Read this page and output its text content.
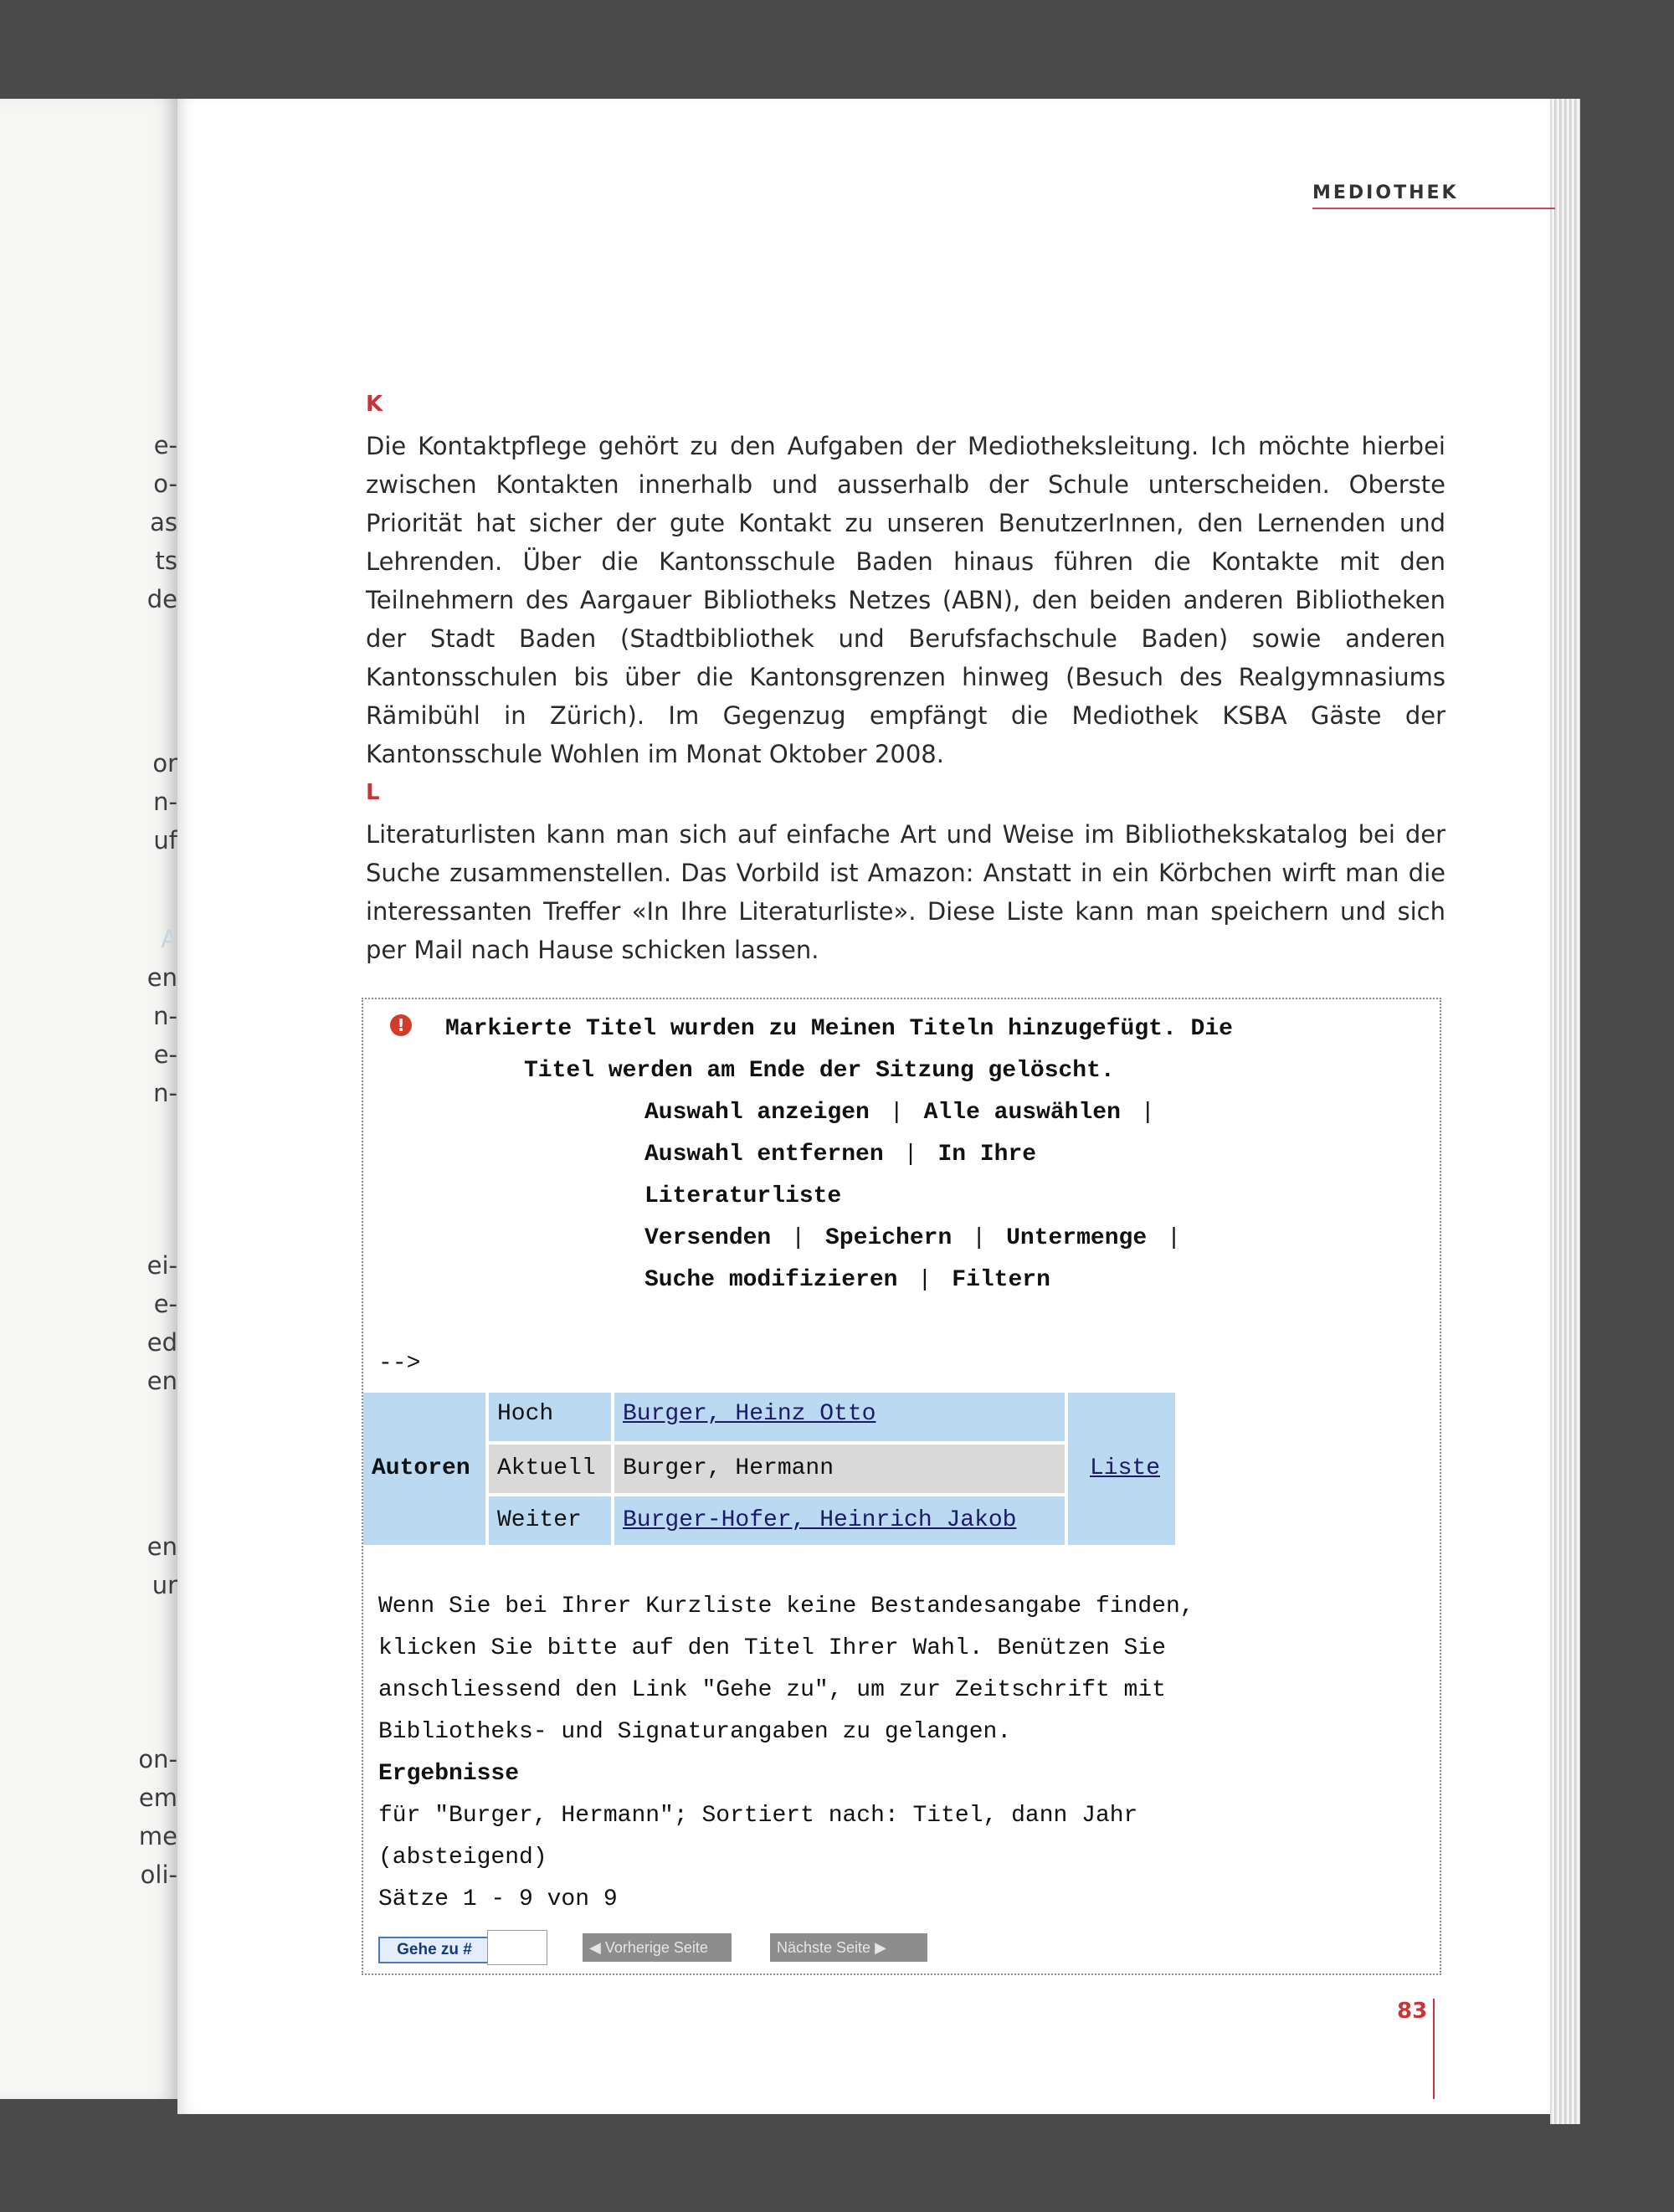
e-
o-
as
ts
de
or
n-
uf
A
en
n-
e-
n-
ei-
e-
ed
en
en
ur
on-
em
me
oli-
MEDIOTHEK
K

Die Kontaktpflege gehört zu den Aufgaben der Mediotheksleitung. Ich möchte hierbei zwischen Kontakten innerhalb und ausserhalb der Schule unterscheiden. Oberste Priorität hat sicher der gute Kontakt zu unseren BenutzerInnen, den Lernenden und Lehrenden. Über die Kantonsschule Baden hinaus führen die Kontakte mit den Teilnehmern des Aargauer Bibliotheks Netzes (ABN), den beiden anderen Bibliotheken der Stadt Baden (Stadtbibliothek und Berufsfachschule Baden) sowie anderen Kantonsschulen bis über die Kantonsgrenzen hinweg (Besuch des Realgymnasiums Rämibühl in Zürich). Im Gegenzug empfängt die Mediothek KSBA Gäste der Kantonsschule Wohlen im Monat Oktober 2008.

L

Literaturlisten kann man sich auf einfache Art und Weise im Bibliothekskatalog bei der Suche zusammenstellen. Das Vorbild ist Amazon: Anstatt in ein Körbchen wirft man die interessanten Treffer «In Ihre Literaturliste». Diese Liste kann man speichern und sich per Mail nach Hause schicken lassen.

!	Markierte Titel wurden zu Meinen Titeln hinzugefügt. Die
Titel werden am Ende der Sitzung gelöscht.
Auswahl anzeigen | Alle auswählen |
Auswahl entfernen | In Ihre
Literaturliste
Versenden | Speichern | Untermenge |
Suche modifizieren | Filtern
-->
Autoren
Hoch	Burger, Heinz Otto
Aktuell	Burger, Hermann
Weiter	Burger-Hofer, Heinrich Jakob
Liste
Wenn Sie bei Ihrer Kurzliste keine Bestandesangabe finden,
klicken Sie bitte auf den Titel Ihrer Wahl. Benützen Sie
anschliessend den Link "Gehe zu", um zur Zeitschrift mit
Bibliotheks- und Signaturangaben zu gelangen.
Ergebnisse
für "Burger, Hermann"; Sortiert nach: Titel, dann Jahr
(absteigend)
Sätze 1 - 9 von 9
Gehe zu #	◀ Vorherige Seite	Nächste Seite ▶
83
